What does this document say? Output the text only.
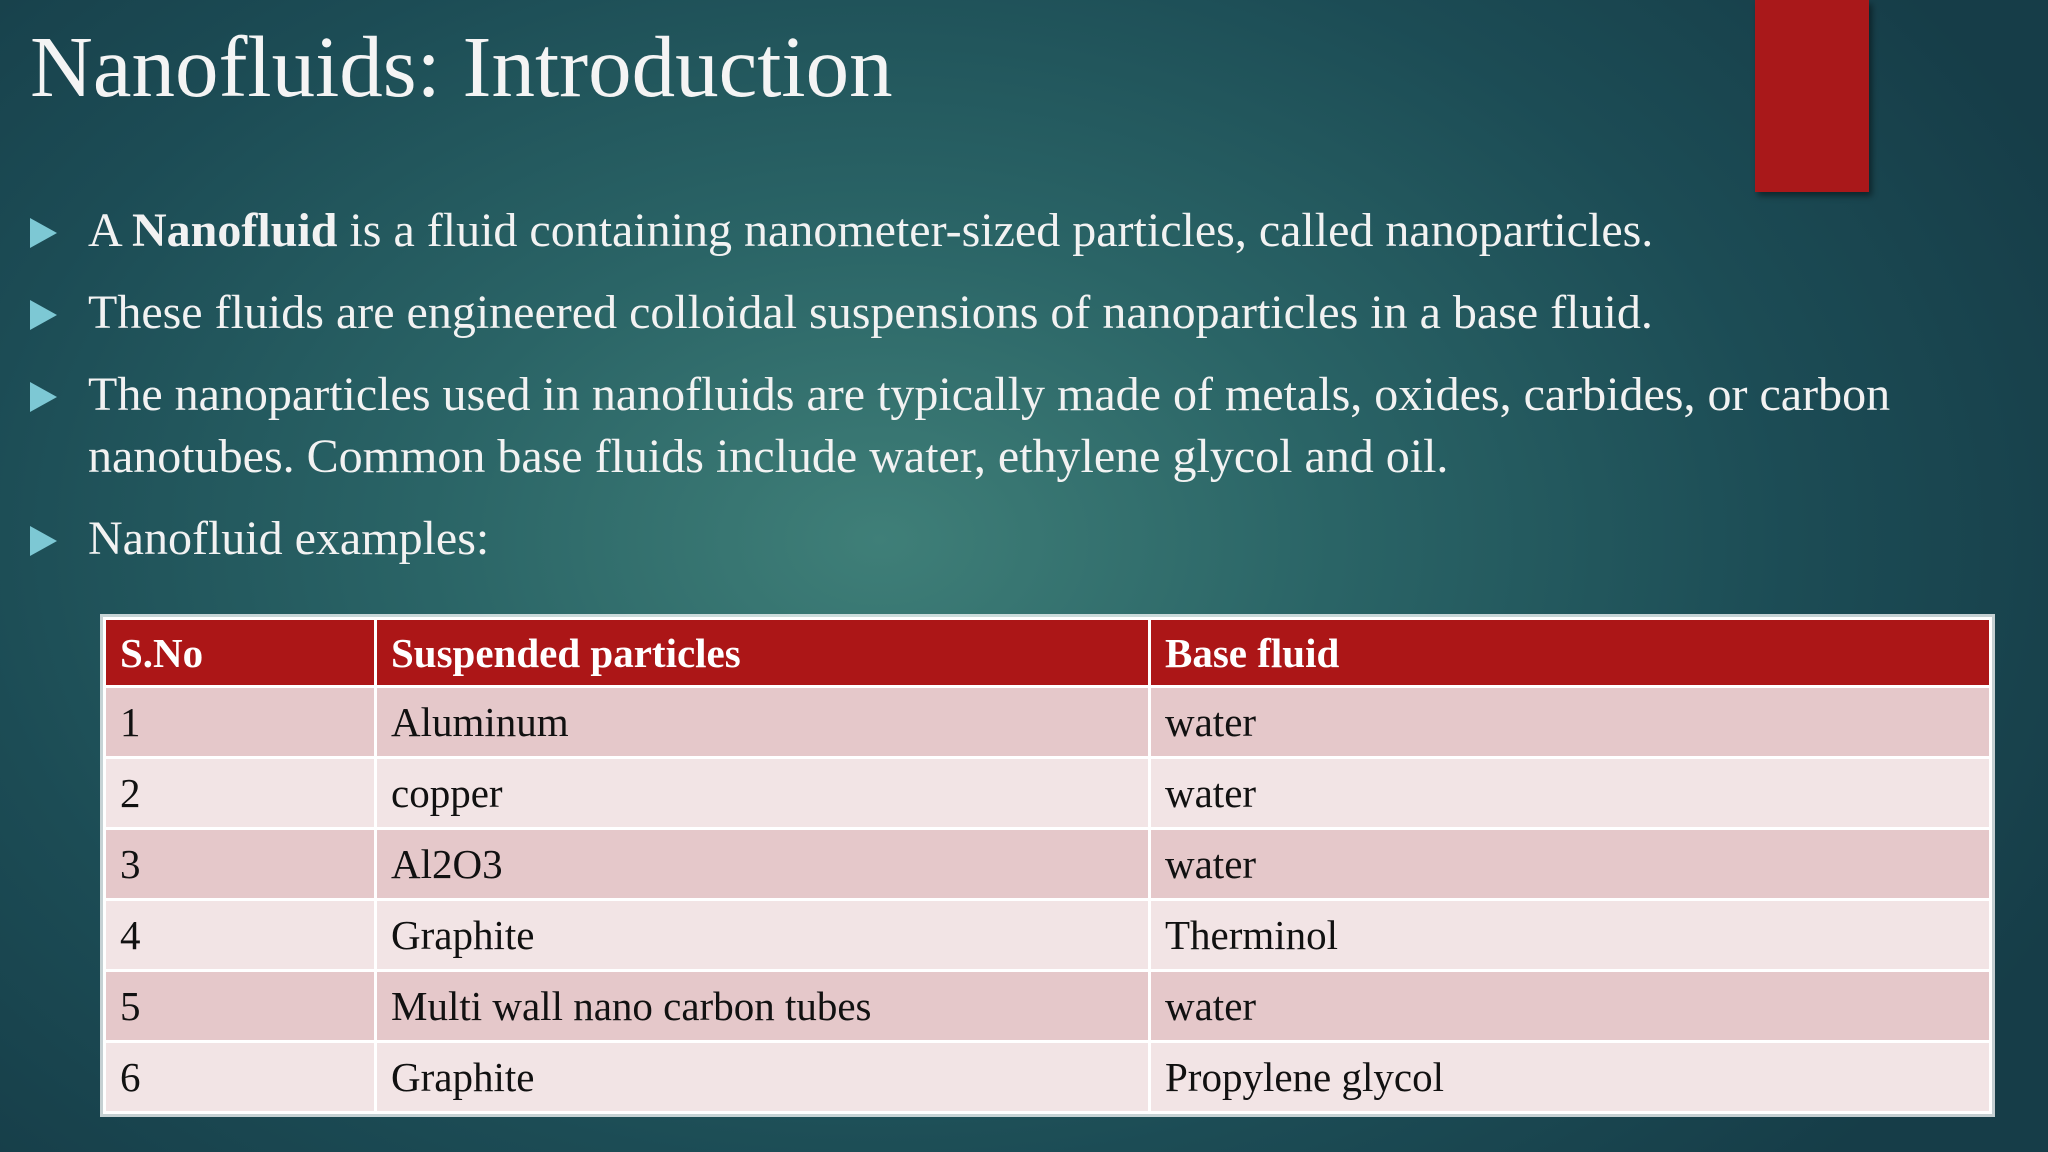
Nanofluids: Introduction
A Nanofluid is a fluid containing nanometer-sized particles, called nanoparticles.
These fluids are engineered colloidal suspensions of nanoparticles in a base fluid.
The nanoparticles used in nanofluids are typically made of metals, oxides, carbides, or carbon nanotubes. Common base fluids include water, ethylene glycol and oil.
Nanofluid examples:
S.No	Suspended particles	Base fluid
1	Aluminum	water
2	copper	water
3	Al2O3	water
4	Graphite	Therminol
5	Multi wall nano carbon tubes	water
6	Graphite	Propylene glycol
